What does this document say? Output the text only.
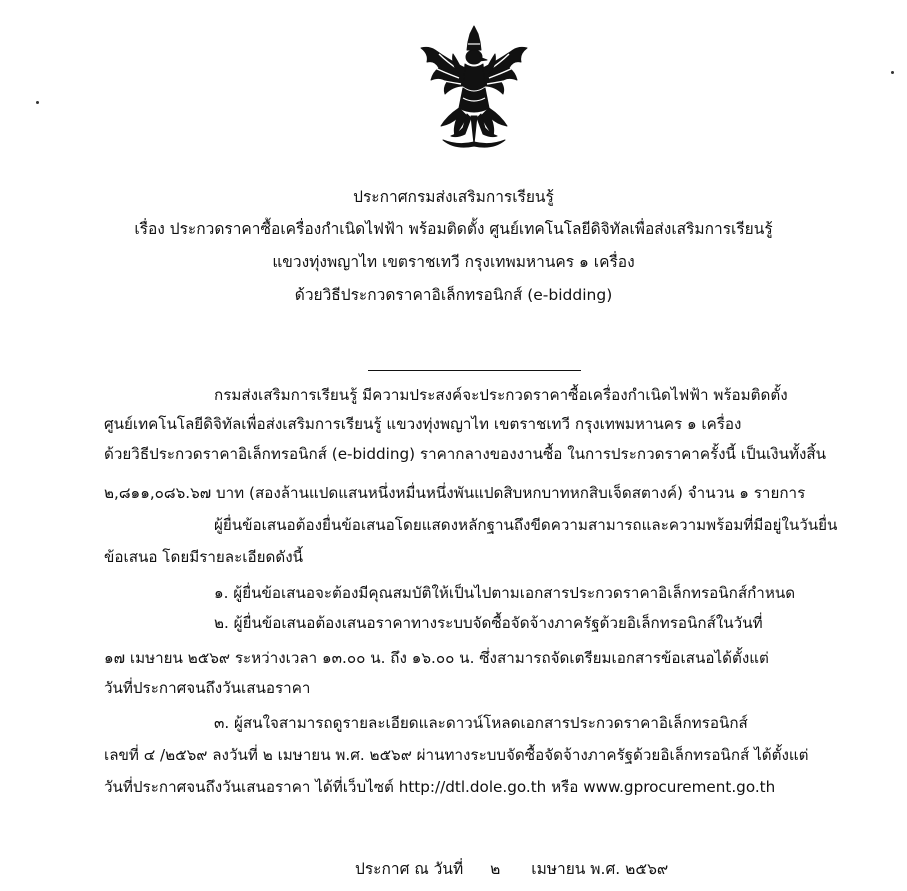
ประกาศกรมส่งเสริมการเรียนรู้
เรื่อง ประกวดราคาซื้อเครื่องกำเนิดไฟฟ้า พร้อมติดตั้ง ศูนย์เทคโนโลยีดิจิทัลเพื่อส่งเสริมการเรียนรู้
แขวงทุ่งพญาไท เขตราชเทวี กรุงเทพมหานคร ๑ เครื่อง
ด้วยวิธีประกวดราคาอิเล็กทรอนิกส์ (e-bidding)
กรมส่งเสริมการเรียนรู้ มีความประสงค์จะประกวดราคาซื้อเครื่องกำเนิดไฟฟ้า พร้อมติดตั้ง
ศูนย์เทคโนโลยีดิจิทัลเพื่อส่งเสริมการเรียนรู้ แขวงทุ่งพญาไท เขตราชเทวี กรุงเทพมหานคร ๑ เครื่อง
ด้วยวิธีประกวดราคาอิเล็กทรอนิกส์ (e-bidding) ราคากลางของงานซื้อ ในการประกวดราคาครั้งนี้ เป็นเงินทั้งสิ้น
๒,๘๑๑,๐๘๖.๖๗ บาท (สองล้านแปดแสนหนึ่งหมื่นหนึ่งพันแปดสิบหกบาทหกสิบเจ็ดสตางค์) จำนวน ๑ รายการ
ผู้ยื่นข้อเสนอต้องยื่นข้อเสนอโดยแสดงหลักฐานถึงขีดความสามารถและความพร้อมที่มีอยู่ในวันยื่น
ข้อเสนอ โดยมีรายละเอียดดังนี้
๑. ผู้ยื่นข้อเสนอจะต้องมีคุณสมบัติให้เป็นไปตามเอกสารประกวดราคาอิเล็กทรอนิกส์กำหนด
๒. ผู้ยื่นข้อเสนอต้องเสนอราคาทางระบบจัดซื้อจัดจ้างภาครัฐด้วยอิเล็กทรอนิกส์ในวันที่
๑๗ เมษายน ๒๕๖๙ ระหว่างเวลา ๑๓.๐๐ น. ถึง ๑๖.๐๐ น. ซึ่งสามารถจัดเตรียมเอกสารข้อเสนอได้ตั้งแต่
วันที่ประกาศจนถึงวันเสนอราคา
๓. ผู้สนใจสามารถดูรายละเอียดและดาวน์โหลดเอกสารประกวดราคาอิเล็กทรอนิกส์
เลขที่ ๔ /๒๕๖๙ ลงวันที่ ๒ เมษายน พ.ศ. ๒๕๖๙ ผ่านทางระบบจัดซื้อจัดจ้างภาครัฐด้วยอิเล็กทรอนิกส์ ได้ตั้งแต่
วันที่ประกาศจนถึงวันเสนอราคา ได้ที่เว็บไซต์ http://dtl.dole.go.th หรือ www.gprocurement.go.th
ประกาศ ณ วันที่ ๒ เมษายน พ.ศ. ๒๕๖๙
